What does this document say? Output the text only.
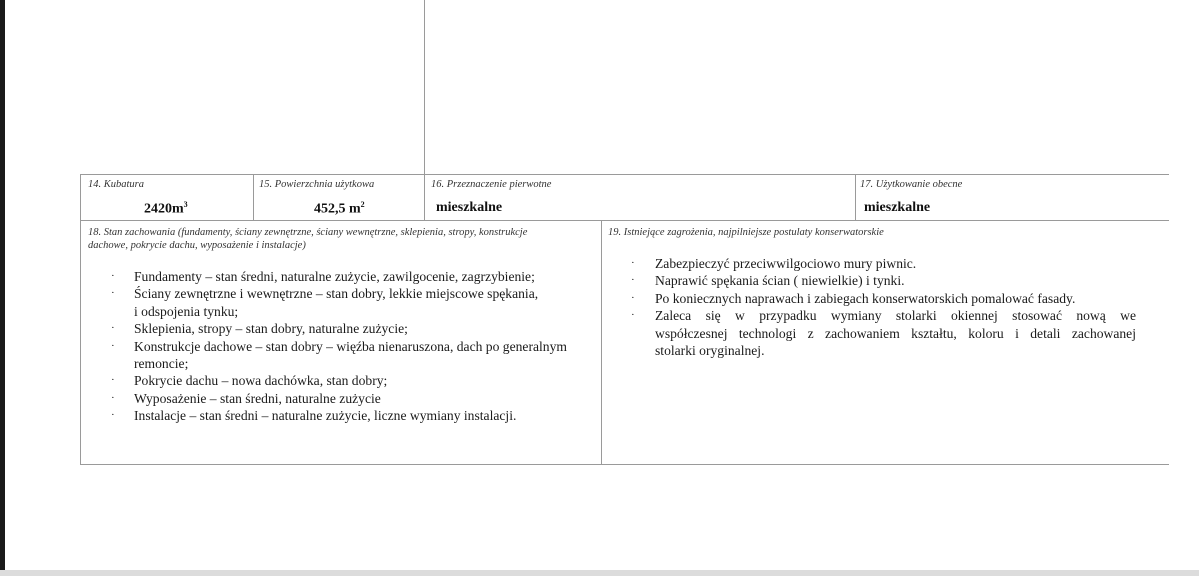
14. Kubatura
$2420m^3$
15. Powierzchnia użytkowa
452,5 $m^2$
16. Przeznaczenie pierwotne
mieszkalne
17. Użytkowanie obecne
mieszkalne
18. Stan zachowania (fundamenty, ściany zewnętrzne, ściany wewnętrzne, sklepienia, stropy, konstrukcje
dachowe, pokrycie dachu, wyposażenie i instalacje)
· Fundamenty – stan średni, naturalne zużycie, zawilgocenie, zagrzybienie;
· Ściany zewnętrzne i wewnętrzne – stan dobry, lekkie miejscowe spękania,
i odspojenia tynku;
· Sklepienia, stropy – stan dobry, naturalne zużycie;
· Konstrukcje dachowe – stan dobry – więźba nienaruszona, dach po generalnym
remoncie;
· Pokrycie dachu – nowa dachówka, stan dobry;
· Wyposażenie – stan średni, naturalne zużycie
· Instalacje – stan średni – naturalne zużycie, liczne wymiany instalacji.
19. Istniejące zagrożenia, najpilniejsze postulaty konserwatorskie
· Zabezpieczyć przeciwwilgociowo mury piwnic.
· Naprawić spękania ścian ( niewielkie) i tynki.
· Po koniecznych naprawach i zabiegach konserwatorskich pomalować fasady.
· Zaleca się w przypadku wymiany stolarki okiennej stosować nową we
współczesnej technologi z zachowaniem kształtu, koloru i detali zachowanej
stolarki oryginalnej.
